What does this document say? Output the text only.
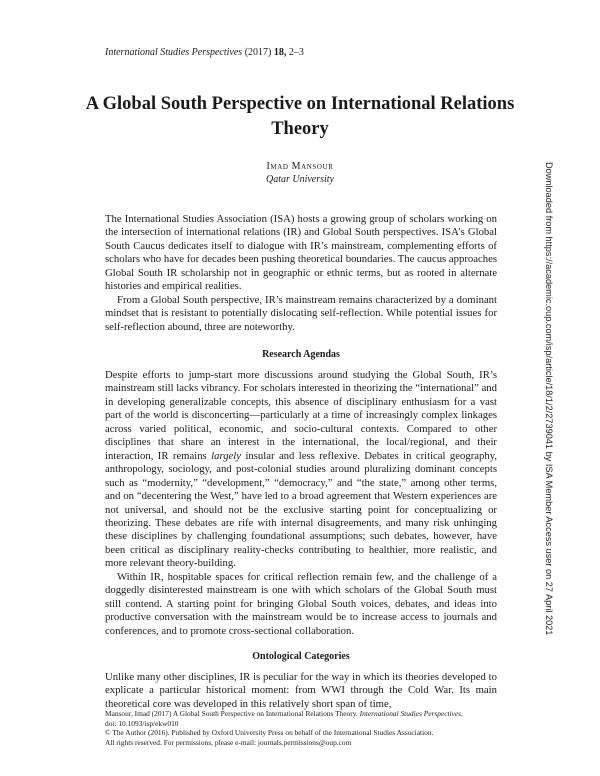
International Studies Perspectives (2017) 18, 2–3
A Global South Perspective on International Relations Theory
Imad Mansour
Qatar University

The International Studies Association (ISA) hosts a growing group of scholars working on the intersection of international relations (IR) and Global South perspectives. ISA’s Global South Caucus dedicates itself to dialogue with IR’s mainstream, complementing efforts of scholars who have for decades been pushing theoretical boundaries. The caucus approaches Global South IR scholarship not in geographic or ethnic terms, but as rooted in alternate histories and empirical realities.

From a Global South perspective, IR’s mainstream remains characterized by a dominant mindset that is resistant to potentially dislocating self-reflection. While potential issues for self-reflection abound, three are noteworthy.

Research Agendas

Despite efforts to jump-start more discussions around studying the Global South, IR’s mainstream still lacks vibrancy. For scholars interested in theorizing the “international” and in developing generalizable concepts, this absence of disciplinary enthusiasm for a vast part of the world is disconcerting—particularly at a time of increasingly complex linkages across varied political, economic, and socio-cultural contexts. Compared to other disciplines that share an interest in the international, the local/regional, and their interaction, IR remains largely insular and less reflexive. Debates in critical geography, anthropology, sociology, and post-colonial studies around pluralizing dominant concepts such as “modernity,” “development,” “democracy,” and “the state,” among other terms, and on “decentering the West,” have led to a broad agreement that Western experiences are not universal, and should not be the exclusive starting point for conceptualizing or theorizing. These debates are rife with internal disagreements, and many risk unhinging these disciplines by challenging foundational assumptions; such debates, however, have been critical as disciplinary reality-checks contributing to healthier, more realistic, and more relevant theory-building.

Within IR, hospitable spaces for critical reflection remain few, and the challenge of a doggedly disinterested mainstream is one with which scholars of the Global South must still contend. A starting point for bringing Global South voices, debates, and ideas into productive conversation with the mainstream would be to increase access to journals and conferences, and to promote cross-sectional collaboration.

Ontological Categories

Unlike many other disciplines, IR is peculiar for the way in which its theories developed to explicate a particular historical moment: from WWI through the Cold War. Its main theoretical core was developed in this relatively short span of time,

Mansour, Imad (2017) A Global South Perspective on International Relations Theory. International Studies Perspectives,
doi: 10.1093/isp/ekw010
© The Author (2016). Published by Oxford University Press on behalf of the International Studies Association.
All rights reserved. For permissions, please e-mail: journals.permissions@oup.com
Downloaded from https://academic.oup.com/isp/article/18/1/2/2739041 by ISA Member Access user on 27 April 2021
